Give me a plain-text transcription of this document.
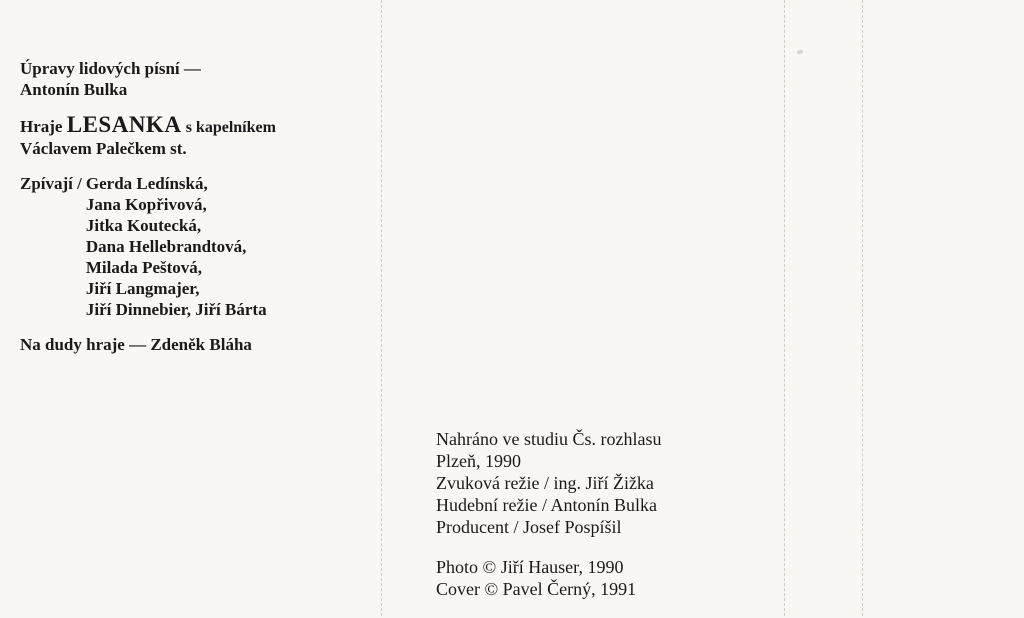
Úpravy lidových písní —
Antonín Bulka
Hraje LESANKA s kapelníkem
Václavem Palečkem st.
Zpívají / Gerda Ledínská,
Jana Kopřivová,
Jitka Koutecká,
Dana Hellebrandtová,
Milada Peštová,
Jiří Langmajer,
Jiří Dinnebier, Jiří Bárta
Na dudy hraje — Zdeněk Bláha
Nahráno ve studiu Čs. rozhlasu
Plzeň, 1990
Zvuková režie / ing. Jiří Žižka
Hudební režie / Antonín Bulka
Producent / Josef Pospíšil
Photo © Jiří Hauser, 1990
Cover © Pavel Černý, 1991
